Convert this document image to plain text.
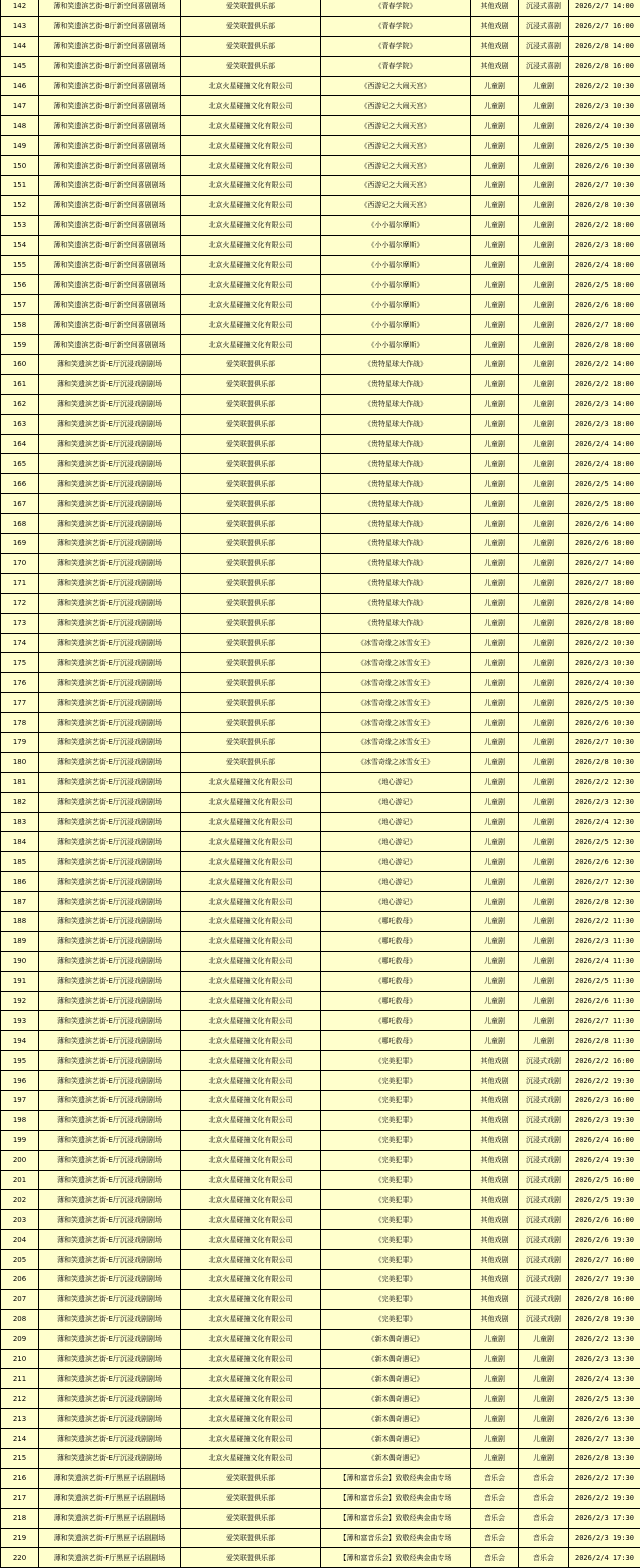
142	薄和笑遗滨艺街-B厅新空间喜剧剧场	爱笑联盟俱乐部	《青春学院》	其他戏剧	沉浸式喜剧	2026/2/7 14:00
143	薄和笑遗滨艺街-B厅新空间喜剧剧场	爱笑联盟俱乐部	《青春学院》	其他戏剧	沉浸式喜剧	2026/2/7 16:00
144	薄和笑遗滨艺街-B厅新空间喜剧剧场	爱笑联盟俱乐部	《青春学院》	其他戏剧	沉浸式喜剧	2026/2/8 14:00
145	薄和笑遗滨艺街-B厅新空间喜剧剧场	爱笑联盟俱乐部	《青春学院》	其他戏剧	沉浸式喜剧	2026/2/8 16:00
146	薄和笑遗滨艺街-B厅新空间喜剧剧场	北京火星碰撞文化有限公司	《西游记之大闹天宫》	儿童剧	儿童剧	2026/2/2 10:30
147	薄和笑遗滨艺街-B厅新空间喜剧剧场	北京火星碰撞文化有限公司	《西游记之大闹天宫》	儿童剧	儿童剧	2026/2/3 10:30
148	薄和笑遗滨艺街-B厅新空间喜剧剧场	北京火星碰撞文化有限公司	《西游记之大闹天宫》	儿童剧	儿童剧	2026/2/4 10:30
149	薄和笑遗滨艺街-B厅新空间喜剧剧场	北京火星碰撞文化有限公司	《西游记之大闹天宫》	儿童剧	儿童剧	2026/2/5 10:30
150	薄和笑遗滨艺街-B厅新空间喜剧剧场	北京火星碰撞文化有限公司	《西游记之大闹天宫》	儿童剧	儿童剧	2026/2/6 10:30
151	薄和笑遗滨艺街-B厅新空间喜剧剧场	北京火星碰撞文化有限公司	《西游记之大闹天宫》	儿童剧	儿童剧	2026/2/7 10:30
152	薄和笑遗滨艺街-B厅新空间喜剧剧场	北京火星碰撞文化有限公司	《西游记之大闹天宫》	儿童剧	儿童剧	2026/2/8 10:30
153	薄和笑遗滨艺街-B厅新空间喜剧剧场	北京火星碰撞文化有限公司	《小小福尔摩斯》	儿童剧	儿童剧	2026/2/2 18:00
154	薄和笑遗滨艺街-B厅新空间喜剧剧场	北京火星碰撞文化有限公司	《小小福尔摩斯》	儿童剧	儿童剧	2026/2/3 18:00
155	薄和笑遗滨艺街-B厅新空间喜剧剧场	北京火星碰撞文化有限公司	《小小福尔摩斯》	儿童剧	儿童剧	2026/2/4 18:00
156	薄和笑遗滨艺街-B厅新空间喜剧剧场	北京火星碰撞文化有限公司	《小小福尔摩斯》	儿童剧	儿童剧	2026/2/5 18:00
157	薄和笑遗滨艺街-B厅新空间喜剧剧场	北京火星碰撞文化有限公司	《小小福尔摩斯》	儿童剧	儿童剧	2026/2/6 18:00
158	薄和笑遗滨艺街-B厅新空间喜剧剧场	北京火星碰撞文化有限公司	《小小福尔摩斯》	儿童剧	儿童剧	2026/2/7 18:00
159	薄和笑遗滨艺街-B厅新空间喜剧剧场	北京火星碰撞文化有限公司	《小小福尔摩斯》	儿童剧	儿童剧	2026/2/8 18:00
160	薄和笑遗滨艺街-E厅沉浸戏剧剧场	爱笑联盟俱乐部	《贵特星球大作战》	儿童剧	儿童剧	2026/2/2 14:00
161	薄和笑遗滨艺街-E厅沉浸戏剧剧场	爱笑联盟俱乐部	《贵特星球大作战》	儿童剧	儿童剧	2026/2/2 18:00
162	薄和笑遗滨艺街-E厅沉浸戏剧剧场	爱笑联盟俱乐部	《贵特星球大作战》	儿童剧	儿童剧	2026/2/3 14:00
163	薄和笑遗滨艺街-E厅沉浸戏剧剧场	爱笑联盟俱乐部	《贵特星球大作战》	儿童剧	儿童剧	2026/2/3 18:00
164	薄和笑遗滨艺街-E厅沉浸戏剧剧场	爱笑联盟俱乐部	《贵特星球大作战》	儿童剧	儿童剧	2026/2/4 14:00
165	薄和笑遗滨艺街-E厅沉浸戏剧剧场	爱笑联盟俱乐部	《贵特星球大作战》	儿童剧	儿童剧	2026/2/4 18:00
166	薄和笑遗滨艺街-E厅沉浸戏剧剧场	爱笑联盟俱乐部	《贵特星球大作战》	儿童剧	儿童剧	2026/2/5 14:00
167	薄和笑遗滨艺街-E厅沉浸戏剧剧场	爱笑联盟俱乐部	《贵特星球大作战》	儿童剧	儿童剧	2026/2/5 18:00
168	薄和笑遗滨艺街-E厅沉浸戏剧剧场	爱笑联盟俱乐部	《贵特星球大作战》	儿童剧	儿童剧	2026/2/6 14:00
169	薄和笑遗滨艺街-E厅沉浸戏剧剧场	爱笑联盟俱乐部	《贵特星球大作战》	儿童剧	儿童剧	2026/2/6 18:00
170	薄和笑遗滨艺街-E厅沉浸戏剧剧场	爱笑联盟俱乐部	《贵特星球大作战》	儿童剧	儿童剧	2026/2/7 14:00
171	薄和笑遗滨艺街-E厅沉浸戏剧剧场	爱笑联盟俱乐部	《贵特星球大作战》	儿童剧	儿童剧	2026/2/7 18:00
172	薄和笑遗滨艺街-E厅沉浸戏剧剧场	爱笑联盟俱乐部	《贵特星球大作战》	儿童剧	儿童剧	2026/2/8 14:00
173	薄和笑遗滨艺街-E厅沉浸戏剧剧场	爱笑联盟俱乐部	《贵特星球大作战》	儿童剧	儿童剧	2026/2/8 18:00
174	薄和笑遗滨艺街-E厅沉浸戏剧剧场	爱笑联盟俱乐部	《冰雪奇缘之冰雪女王》	儿童剧	儿童剧	2026/2/2 10:30
175	薄和笑遗滨艺街-E厅沉浸戏剧剧场	爱笑联盟俱乐部	《冰雪奇缘之冰雪女王》	儿童剧	儿童剧	2026/2/3 10:30
176	薄和笑遗滨艺街-E厅沉浸戏剧剧场	爱笑联盟俱乐部	《冰雪奇缘之冰雪女王》	儿童剧	儿童剧	2026/2/4 10:30
177	薄和笑遗滨艺街-E厅沉浸戏剧剧场	爱笑联盟俱乐部	《冰雪奇缘之冰雪女王》	儿童剧	儿童剧	2026/2/5 10:30
178	薄和笑遗滨艺街-E厅沉浸戏剧剧场	爱笑联盟俱乐部	《冰雪奇缘之冰雪女王》	儿童剧	儿童剧	2026/2/6 10:30
179	薄和笑遗滨艺街-E厅沉浸戏剧剧场	爱笑联盟俱乐部	《冰雪奇缘之冰雪女王》	儿童剧	儿童剧	2026/2/7 10:30
180	薄和笑遗滨艺街-E厅沉浸戏剧剧场	爱笑联盟俱乐部	《冰雪奇缘之冰雪女王》	儿童剧	儿童剧	2026/2/8 10:30
181	薄和笑遗滨艺街-E厅沉浸戏剧剧场	北京火星碰撞文化有限公司	《地心游记》	儿童剧	儿童剧	2026/2/2 12:30
182	薄和笑遗滨艺街-E厅沉浸戏剧剧场	北京火星碰撞文化有限公司	《地心游记》	儿童剧	儿童剧	2026/2/3 12:30
183	薄和笑遗滨艺街-E厅沉浸戏剧剧场	北京火星碰撞文化有限公司	《地心游记》	儿童剧	儿童剧	2026/2/4 12:30
184	薄和笑遗滨艺街-E厅沉浸戏剧剧场	北京火星碰撞文化有限公司	《地心游记》	儿童剧	儿童剧	2026/2/5 12:30
185	薄和笑遗滨艺街-E厅沉浸戏剧剧场	北京火星碰撞文化有限公司	《地心游记》	儿童剧	儿童剧	2026/2/6 12:30
186	薄和笑遗滨艺街-E厅沉浸戏剧剧场	北京火星碰撞文化有限公司	《地心游记》	儿童剧	儿童剧	2026/2/7 12:30
187	薄和笑遗滨艺街-E厅沉浸戏剧剧场	北京火星碰撞文化有限公司	《地心游记》	儿童剧	儿童剧	2026/2/8 12:30
188	薄和笑遗滨艺街-E厅沉浸戏剧剧场	北京火星碰撞文化有限公司	《哪吒救母》	儿童剧	儿童剧	2026/2/2 11:30
189	薄和笑遗滨艺街-E厅沉浸戏剧剧场	北京火星碰撞文化有限公司	《哪吒救母》	儿童剧	儿童剧	2026/2/3 11:30
190	薄和笑遗滨艺街-E厅沉浸戏剧剧场	北京火星碰撞文化有限公司	《哪吒救母》	儿童剧	儿童剧	2026/2/4 11:30
191	薄和笑遗滨艺街-E厅沉浸戏剧剧场	北京火星碰撞文化有限公司	《哪吒救母》	儿童剧	儿童剧	2026/2/5 11:30
192	薄和笑遗滨艺街-E厅沉浸戏剧剧场	北京火星碰撞文化有限公司	《哪吒救母》	儿童剧	儿童剧	2026/2/6 11:30
193	薄和笑遗滨艺街-E厅沉浸戏剧剧场	北京火星碰撞文化有限公司	《哪吒救母》	儿童剧	儿童剧	2026/2/7 11:30
194	薄和笑遗滨艺街-E厅沉浸戏剧剧场	北京火星碰撞文化有限公司	《哪吒救母》	儿童剧	儿童剧	2026/2/8 11:30
195	薄和笑遗滨艺街-E厅沉浸戏剧剧场	北京火星碰撞文化有限公司	《完美犯罪》	其他戏剧	沉浸式戏剧	2026/2/2 16:00
196	薄和笑遗滨艺街-E厅沉浸戏剧剧场	北京火星碰撞文化有限公司	《完美犯罪》	其他戏剧	沉浸式戏剧	2026/2/2 19:30
197	薄和笑遗滨艺街-E厅沉浸戏剧剧场	北京火星碰撞文化有限公司	《完美犯罪》	其他戏剧	沉浸式戏剧	2026/2/3 16:00
198	薄和笑遗滨艺街-E厅沉浸戏剧剧场	北京火星碰撞文化有限公司	《完美犯罪》	其他戏剧	沉浸式戏剧	2026/2/3 19:30
199	薄和笑遗滨艺街-E厅沉浸戏剧剧场	北京火星碰撞文化有限公司	《完美犯罪》	其他戏剧	沉浸式戏剧	2026/2/4 16:00
200	薄和笑遗滨艺街-E厅沉浸戏剧剧场	北京火星碰撞文化有限公司	《完美犯罪》	其他戏剧	沉浸式戏剧	2026/2/4 19:30
201	薄和笑遗滨艺街-E厅沉浸戏剧剧场	北京火星碰撞文化有限公司	《完美犯罪》	其他戏剧	沉浸式戏剧	2026/2/5 16:00
202	薄和笑遗滨艺街-E厅沉浸戏剧剧场	北京火星碰撞文化有限公司	《完美犯罪》	其他戏剧	沉浸式戏剧	2026/2/5 19:30
203	薄和笑遗滨艺街-E厅沉浸戏剧剧场	北京火星碰撞文化有限公司	《完美犯罪》	其他戏剧	沉浸式戏剧	2026/2/6 16:00
204	薄和笑遗滨艺街-E厅沉浸戏剧剧场	北京火星碰撞文化有限公司	《完美犯罪》	其他戏剧	沉浸式戏剧	2026/2/6 19:30
205	薄和笑遗滨艺街-E厅沉浸戏剧剧场	北京火星碰撞文化有限公司	《完美犯罪》	其他戏剧	沉浸式戏剧	2026/2/7 16:00
206	薄和笑遗滨艺街-E厅沉浸戏剧剧场	北京火星碰撞文化有限公司	《完美犯罪》	其他戏剧	沉浸式戏剧	2026/2/7 19:30
207	薄和笑遗滨艺街-E厅沉浸戏剧剧场	北京火星碰撞文化有限公司	《完美犯罪》	其他戏剧	沉浸式戏剧	2026/2/8 16:00
208	薄和笑遗滨艺街-E厅沉浸戏剧剧场	北京火星碰撞文化有限公司	《完美犯罪》	其他戏剧	沉浸式戏剧	2026/2/8 19:30
209	薄和笑遗滨艺街-E厅沉浸戏剧剧场	北京火星碰撞文化有限公司	《新木偶奇遇记》	儿童剧	儿童剧	2026/2/2 13:30
210	薄和笑遗滨艺街-E厅沉浸戏剧剧场	北京火星碰撞文化有限公司	《新木偶奇遇记》	儿童剧	儿童剧	2026/2/3 13:30
211	薄和笑遗滨艺街-E厅沉浸戏剧剧场	北京火星碰撞文化有限公司	《新木偶奇遇记》	儿童剧	儿童剧	2026/2/4 13:30
212	薄和笑遗滨艺街-E厅沉浸戏剧剧场	北京火星碰撞文化有限公司	《新木偶奇遇记》	儿童剧	儿童剧	2026/2/5 13:30
213	薄和笑遗滨艺街-E厅沉浸戏剧剧场	北京火星碰撞文化有限公司	《新木偶奇遇记》	儿童剧	儿童剧	2026/2/6 13:30
214	薄和笑遗滨艺街-E厅沉浸戏剧剧场	北京火星碰撞文化有限公司	《新木偶奇遇记》	儿童剧	儿童剧	2026/2/7 13:30
215	薄和笑遗滨艺街-E厅沉浸戏剧剧场	北京火星碰撞文化有限公司	《新木偶奇遇记》	儿童剧	儿童剧	2026/2/8 13:30
216	薄和笑遗滨艺街-F厅黑匣子话剧剧场	爱笑联盟俱乐部	【薄和富音乐会】致敬经典金曲专场	音乐会	音乐会	2026/2/2 17:30
217	薄和笑遗滨艺街-F厅黑匣子话剧剧场	爱笑联盟俱乐部	【薄和富音乐会】致敬经典金曲专场	音乐会	音乐会	2026/2/2 19:30
218	薄和笑遗滨艺街-F厅黑匣子话剧剧场	爱笑联盟俱乐部	【薄和富音乐会】致敬经典金曲专场	音乐会	音乐会	2026/2/3 17:30
219	薄和笑遗滨艺街-F厅黑匣子话剧剧场	爱笑联盟俱乐部	【薄和富音乐会】致敬经典金曲专场	音乐会	音乐会	2026/2/3 19:30
220	薄和笑遗滨艺街-F厅黑匣子话剧剧场	爱笑联盟俱乐部	【薄和富音乐会】致敬经典金曲专场	音乐会	音乐会	2026/2/4 17:30
